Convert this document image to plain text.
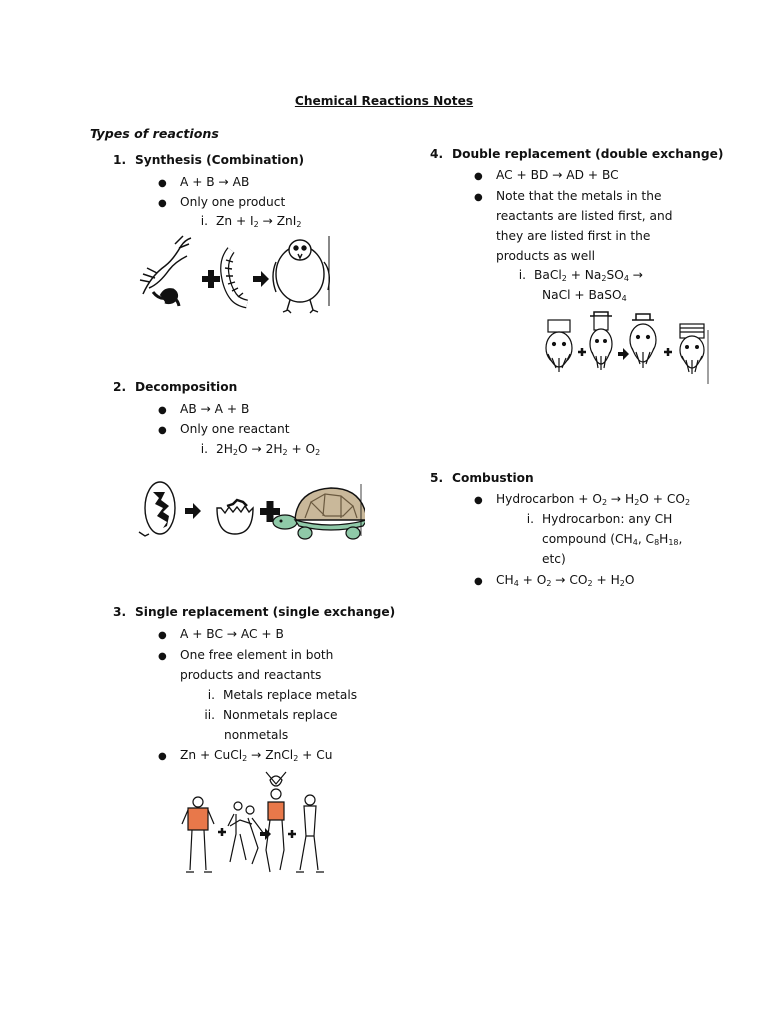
Chemical Reactions Notes
Types of reactions
1. Synthesis (Combination)
● A + B → AB
● Only one product
i. $Zn + I_2 \to ZnI_2$
2. Decomposition
● AB → A + B
● Only one reactant
i. $2H_2O \to 2H_2 + O_2$
3. Single replacement (single exchange)
● A + BC → AC + B
● One free element in both
products and reactants
i. Metals replace metals
ii. Nonmetals replace
nonmetals
● Zn + CuCl$_2$ → ZnCl$_2$ + Cu
4. Double replacement (double exchange)
● AC + BD → AD + BC
● Note that the metals in the
reactants are listed first, and
they are listed first in the
products as well
i. BaCl$_2$ + $Na_2SO_4$ →
NaCl + BaSO$_4$
5. Combustion
● Hydrocarbon + $O_2 \to H_2O + CO_2$
i. Hydrocarbon: any CH
compound ($CH_4$, $C_8H_{18}$,
etc)
● $CH_4 + O_2 \to CO_2 + H_2O$
